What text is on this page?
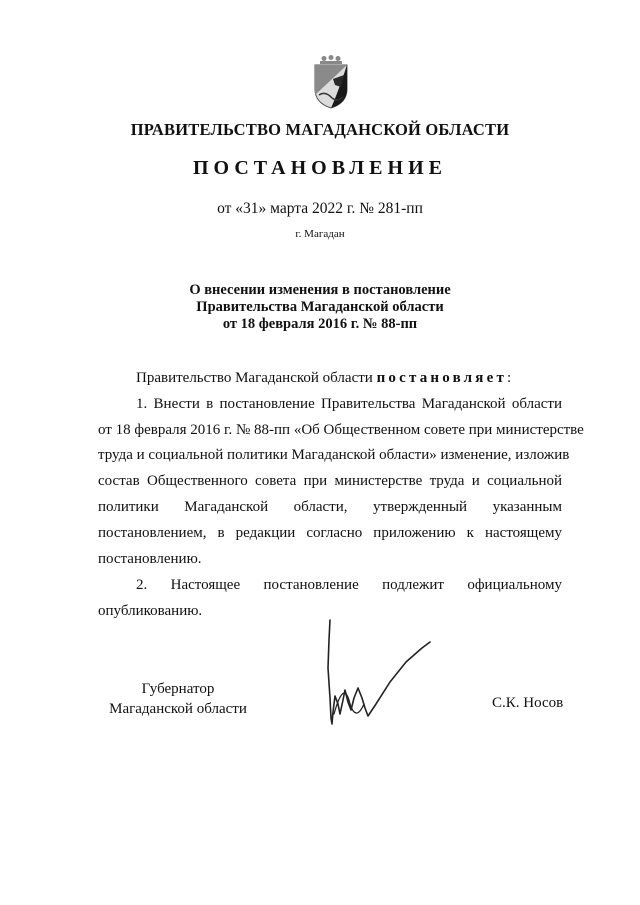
ПРАВИТЕЛЬСТВО МАГАДАНСКОЙ ОБЛАСТИ
ПОСТАНОВЛЕНИЕ
от «31» марта 2022 г. № 281-пп
г. Магадан
О внесении изменения в постановление
Правительства Магаданской области
от 18 февраля 2016 г. № 88-пп
Правительство Магаданской области постановляет:
1. Внести в постановление Правительства Магаданской области
от 18 февраля 2016 г. № 88-пп «Об Общественном совете при министерстве
труда и социальной политики Магаданской области» изменение, изложив
состав Общественного совета при министерстве труда и социальной
политики Магаданской области, утвержденный указанным
постановлением, в редакции согласно приложению к настоящему
постановлению.
2. Настоящее постановление подлежит официальному
опубликованию.
Губернатор
Магаданской области	С.К. Носов
